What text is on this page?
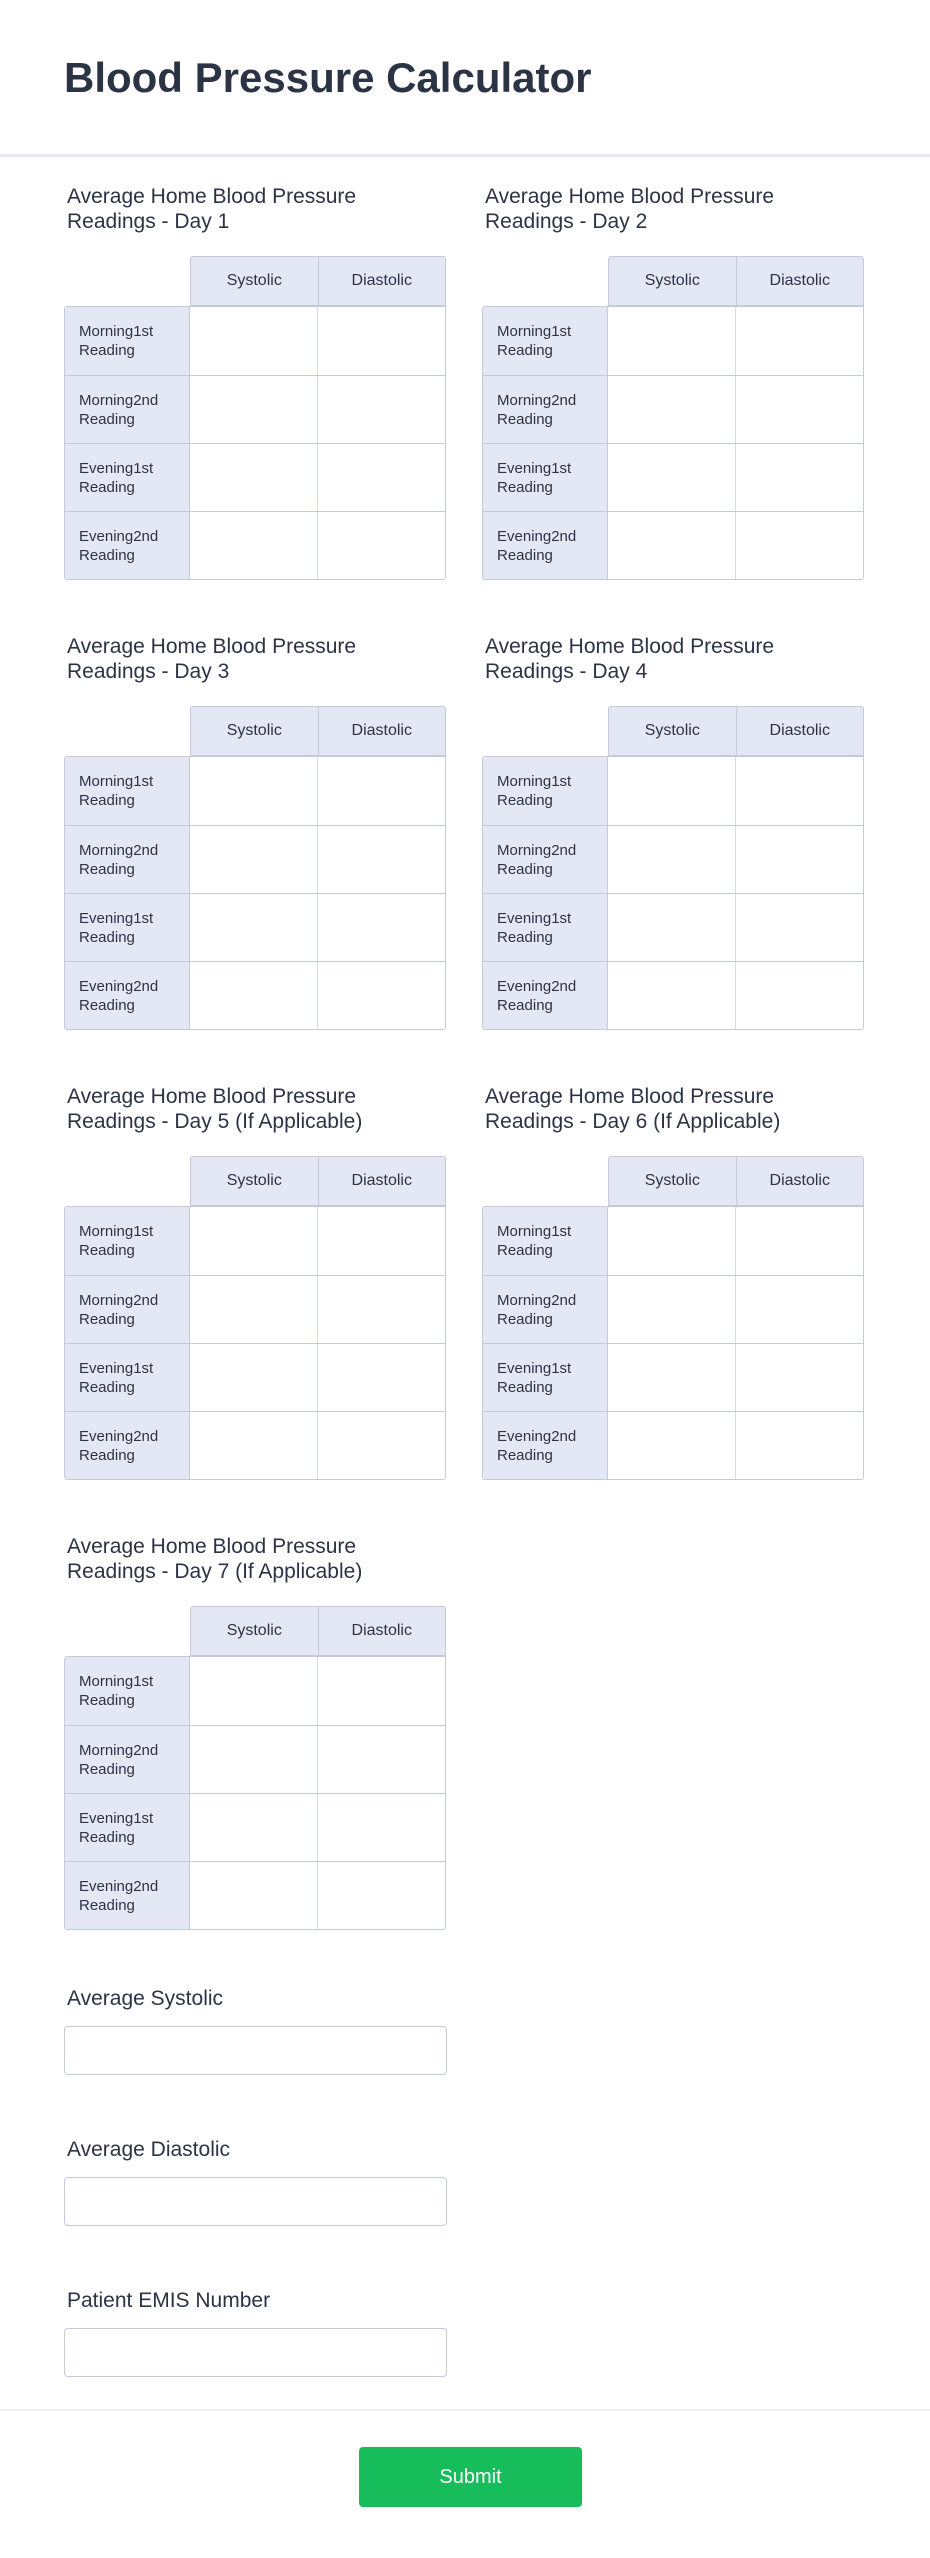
Blood Pressure Calculator
Average Home Blood Pressure Readings - Day 1
Systolic	Diastolic
Morning1st Reading
Morning2nd Reading
Evening1st Reading
Evening2nd Reading
Average Home Blood Pressure Readings - Day 2
Systolic	Diastolic
Morning1st Reading
Morning2nd Reading
Evening1st Reading
Evening2nd Reading
Average Home Blood Pressure Readings - Day 3
Systolic	Diastolic
Morning1st Reading
Morning2nd Reading
Evening1st Reading
Evening2nd Reading
Average Home Blood Pressure Readings - Day 4
Systolic	Diastolic
Morning1st Reading
Morning2nd Reading
Evening1st Reading
Evening2nd Reading
Average Home Blood Pressure Readings - Day 5 (If Applicable)
Systolic	Diastolic
Morning1st Reading
Morning2nd Reading
Evening1st Reading
Evening2nd Reading
Average Home Blood Pressure Readings - Day 6 (If Applicable)
Systolic	Diastolic
Morning1st Reading
Morning2nd Reading
Evening1st Reading
Evening2nd Reading
Average Home Blood Pressure Readings - Day 7 (If Applicable)
Systolic	Diastolic
Morning1st Reading
Morning2nd Reading
Evening1st Reading
Evening2nd Reading
Average Systolic
Average Diastolic
Patient EMIS Number
Submit
